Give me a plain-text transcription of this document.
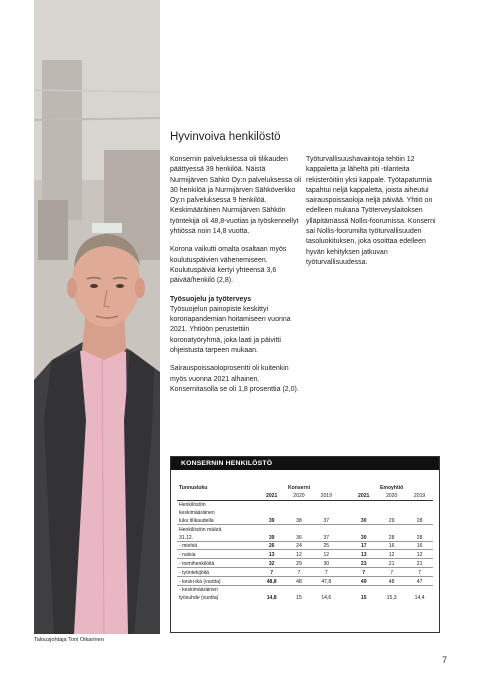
Talousjohtaja Toni Oikarinen
Hyvinvoiva henkilöstö

Konsernin palveluksessa oli tilikauden päättyessä 39 henkilöä. Näistä Nurmijärven Sähkö Oy:n palveluksessa oli 30 henkilöä ja Nurmijärven Sähköverkko Oy:n palveluksessa 9 henkilöä. Keskimääräinen Nurmijärven Sähkön työntekijä oli 48,8-vuotias ja työskennellyt yhtiössä noin 14,8 vuotta.

Korona vaikutti omalta osaltaan myös koulutuspäivien vähenemiseen. Koulutuspäiviä kertyi yhteensä 3,6 päivää/henkilö (2,8).

Työsuojelu ja työterveys

Työsuojelun painopiste keskittyi koronapandemian hoitamiseen vuonna 2021. Yhtiöön perustettiin koronatyöryhmä, joka laati ja päivitti ohjeistusta tarpeen mukaan.

Sairauspoissaoloprosentti oli kuitenkin myös vuonna 2021 alhainen. Konsernitasolla se oli 1,8 prosenttia (2,0).

Työturvallisuushavaintoja tehtiin 12 kappaletta ja läheltä piti -tilanteita rekisteröitiin yksi kappale. Työtapaturmia tapahtui neljä kappaletta, joista aiheutui sairauspoissaoloja neljä päivää. Yhtiö on edelleen mukana Työterveyslaitoksen ylläpitämässä Nollis-foorumissa. Konserni sai Nollis-foorumilta työturvallisuuden tasoluokituksen, joka osoittaa edelleen hyvän kehityksen jatkuvan työturvallisuudessa.

KONSERNIN HENKILÖSTÖ
Tunnusluku		Konserni				Emoyhtiö	
	2021	2020	2019		2021	2020	2019
Henkilöstön							
keskimääräinen							
luku tilikaudella	39	38	37		30	29	28
Henkilöstön määrä							
31.12.	39	36	37		30	28	28
- miehiä	26	24	25		17	16	16
- naisia	13	12	12		13	12	12
- toimihenkilöitä	32	29	30		23	21	21
- työntekijöitä	7	7	7		7	7	7
- keski-ikä (vuotta)	48,8	48	47,8		49	48	47
- keskimääräinen							
työsuhde (vuotta)	14,8	15	14,6		15	15,3	14,4
7
